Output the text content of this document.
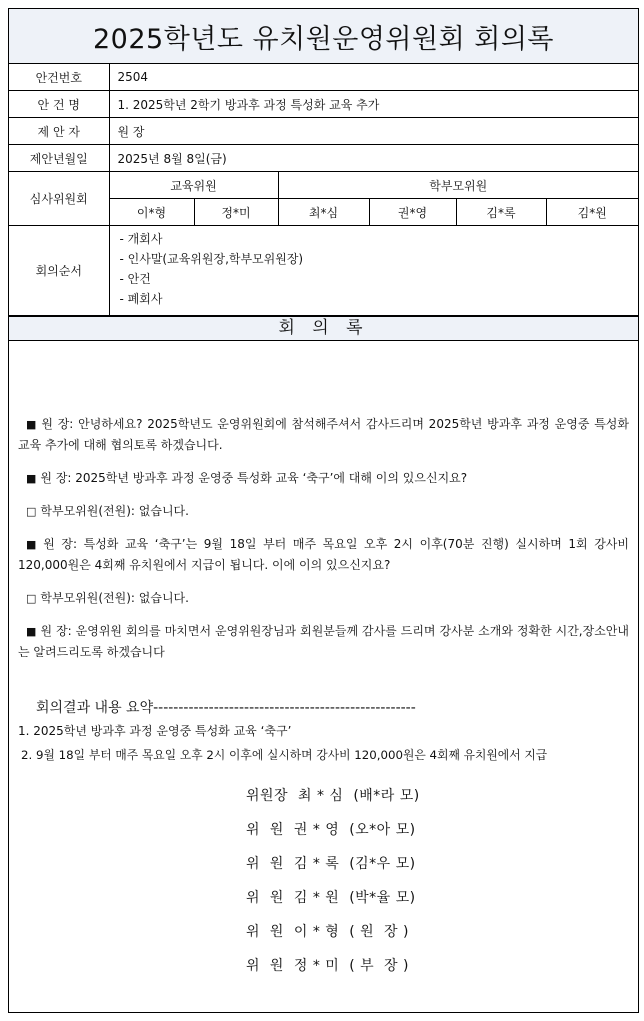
2025학년도 유치원운영위원회 회의록
안건번호	2504					
안 건 명	1. 2025학년 2학기 방과후 과정 특성화 교육 추가					
제 안 자	원 장					
제안년월일	2025년 8월 8일(금)					
심사위원회	교육위원		학부모위원			
	이*형	정*미	최*심	권*영	김*록	김*원
회의순서	- 개회사
- 인사말(교육위원장,학부모위원장)
- 안건
- 폐회사					
회 의 록

■ 원 장: 안녕하세요? 2025학년도 운영위원회에 참석해주셔서 감사드리며 2025학년 방과후 과정 운영중 특성화 교육 추가에 대해 협의토록 하겠습니다.

■ 원 장: 2025학년 방과후 과정 운영중 특성화 교육 ‘축구’에 대해 이의 있으신지요?

□ 학부모위원(전원): 없습니다.

■ 원 장: 특성화 교육 ‘축구’는 9월 18일 부터 매주 목요일 오후 2시 이후(70분 진행) 실시하며 1회 강사비 120,000원은 4회째 유치원에서 지급이 됩니다. 이에 이의 있으신지요?

□ 학부모위원(전원): 없습니다.

■ 원 장: 운영위원 회의를 마치면서 운영위원장님과 회원분들께 감사를 드리며 강사분 소개와 정확한 시간,장소안내는 알려드리도록 하겠습니다

회의결과 내용 요약----------------------------------------------------
1. 2025학년 방과후 과정 운영중 특성화 교육 ‘축구’
2. 9월 18일 부터 매주 목요일 오후 2시 이후에 실시하며 강사비 120,000원은 4회째 유치원에서 지급
위원장  최 * 심  (배*라 모)
위  원  권 * 영  (오*아 모)
위  원  김 * 록  (김*우 모)
위  원  김 * 원  (박*율 모)
위  원  이 * 형  ( 원  장 )
위  원  정 * 미  ( 부  장 )
